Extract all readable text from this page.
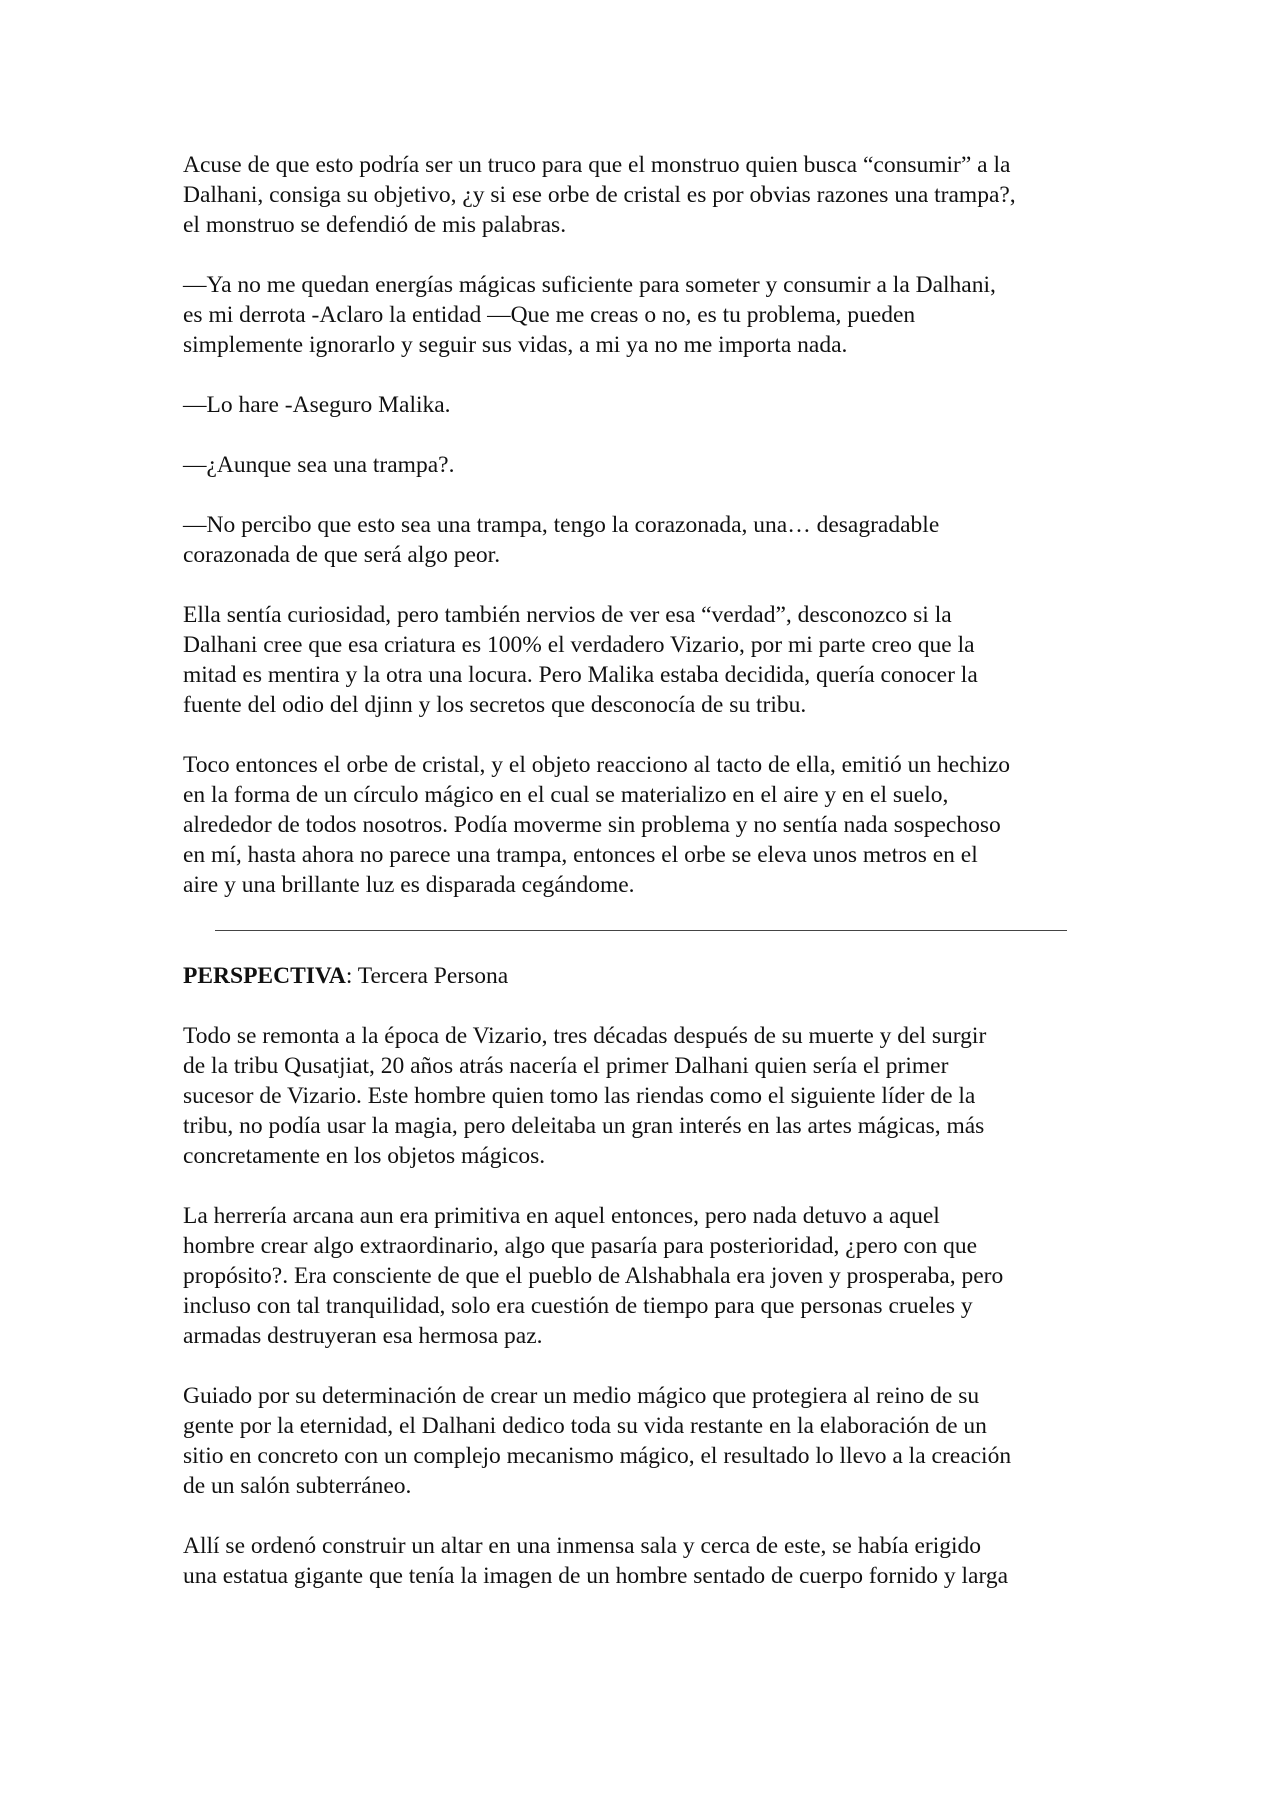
Acuse de que esto podría ser un truco para que el monstruo quien busca “consumir” a la
Dalhani, consiga su objetivo, ¿y si ese orbe de cristal es por obvias razones una trampa?,
el monstruo se defendió de mis palabras.

—Ya no me quedan energías mágicas suficiente para someter y consumir a la Dalhani,
es mi derrota -Aclaro la entidad —Que me creas o no, es tu problema, pueden
simplemente ignorarlo y seguir sus vidas, a mi ya no me importa nada.

—Lo hare -Aseguro Malika.

—¿Aunque sea una trampa?.

—No percibo que esto sea una trampa, tengo la corazonada, una… desagradable
corazonada de que será algo peor.

Ella sentía curiosidad, pero también nervios de ver esa “verdad”, desconozco si la
Dalhani cree que esa criatura es 100% el verdadero Vizario, por mi parte creo que la
mitad es mentira y la otra una locura. Pero Malika estaba decidida, quería conocer la
fuente del odio del djinn y los secretos que desconocía de su tribu.

Toco entonces el orbe de cristal, y el objeto reacciono al tacto de ella, emitió un hechizo
en la forma de un círculo mágico en el cual se materializo en el aire y en el suelo,
alrededor de todos nosotros. Podía moverme sin problema y no sentía nada sospechoso
en mí, hasta ahora no parece una trampa, entonces el orbe se eleva unos metros en el
aire y una brillante luz es disparada cegándome.

PERSPECTIVA: Tercera Persona

Todo se remonta a la época de Vizario, tres décadas después de su muerte y del surgir
de la tribu Qusatjiat, 20 años atrás nacería el primer Dalhani quien sería el primer
sucesor de Vizario. Este hombre quien tomo las riendas como el siguiente líder de la
tribu, no podía usar la magia, pero deleitaba un gran interés en las artes mágicas, más
concretamente en los objetos mágicos.

La herrería arcana aun era primitiva en aquel entonces, pero nada detuvo a aquel
hombre crear algo extraordinario, algo que pasaría para posterioridad, ¿pero con que
propósito?. Era consciente de que el pueblo de Alshabhala era joven y prosperaba, pero
incluso con tal tranquilidad, solo era cuestión de tiempo para que personas crueles y
armadas destruyeran esa hermosa paz.

Guiado por su determinación de crear un medio mágico que protegiera al reino de su
gente por la eternidad, el Dalhani dedico toda su vida restante en la elaboración de un
sitio en concreto con un complejo mecanismo mágico, el resultado lo llevo a la creación
de un salón subterráneo.

Allí se ordenó construir un altar en una inmensa sala y cerca de este, se había erigido
una estatua gigante que tenía la imagen de un hombre sentado de cuerpo fornido y larga
